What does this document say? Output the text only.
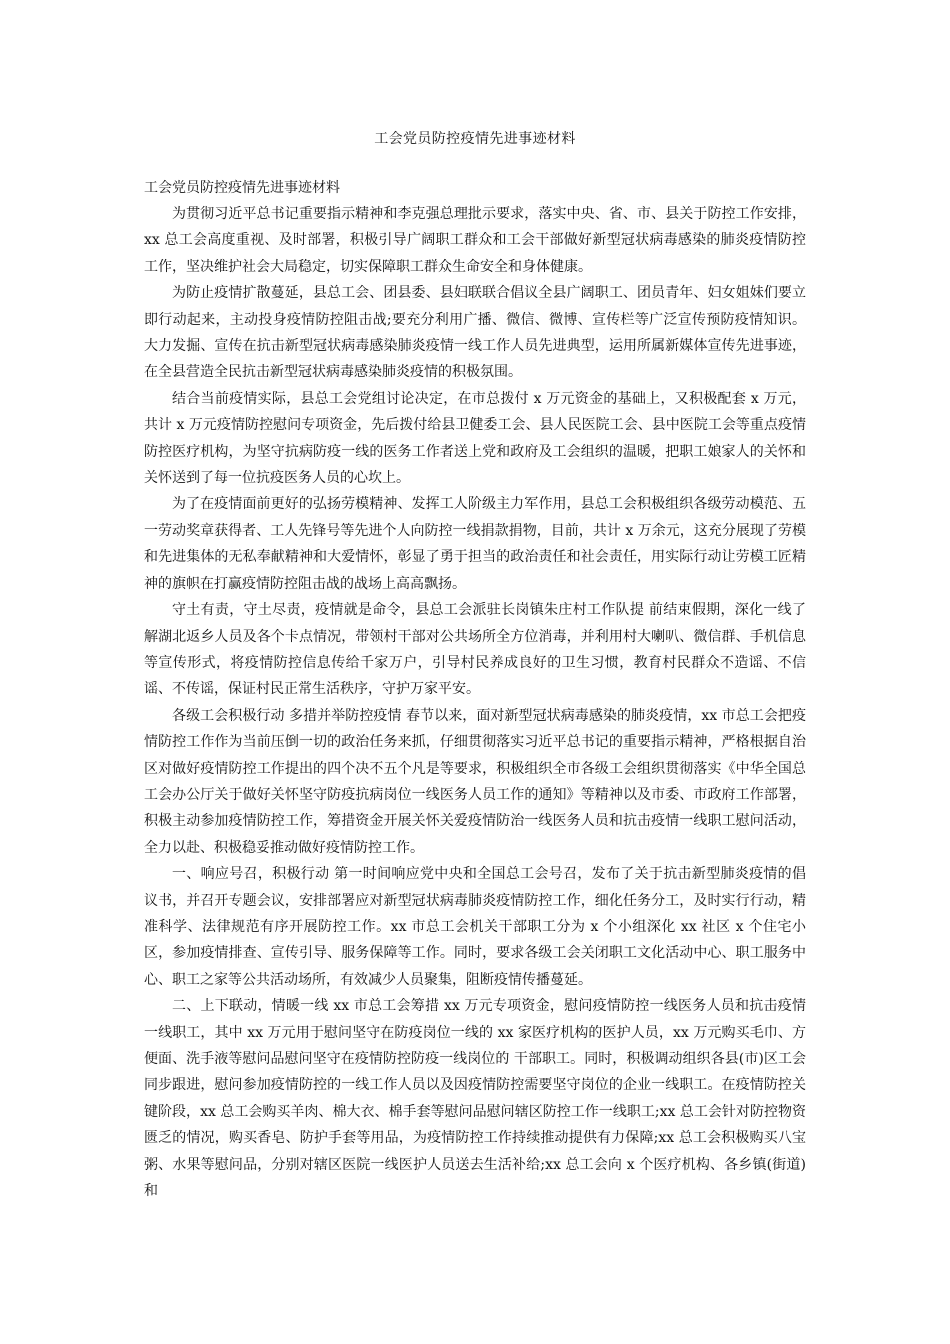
工会党员防控疫情先进事迹材料

工会党员防控疫情先进事迹材料

为贯彻习近平总书记重要指示精神和李克强总理批示要求，落实中央、省、市、县关于防控工作安排，xx 总工会高度重视、及时部署，积极引导广阔职工群众和工会干部做好新型冠状病毒感染的肺炎疫情防控工作，坚决维护社会大局稳定，切实保障职工群众生命安全和身体健康。

为防止疫情扩散蔓延，县总工会、团县委、县妇联联合倡议全县广阔职工、团员青年、妇女姐妹们要立即行动起来，主动投身疫情防控阻击战;要充分利用广播、微信、微博、宣传栏等广泛宣传预防疫情知识。大力发掘、宣传在抗击新型冠状病毒感染肺炎疫情一线工作人员先进典型，运用所属新媒体宣传先进事迹，在全县营造全民抗击新型冠状病毒感染肺炎疫情的积极氛围。

结合当前疫情实际，县总工会党组讨论决定，在市总拨付 x 万元资金的基础上，又积极配套 x 万元，共计 x 万元疫情防控慰问专项资金，先后拨付给县卫健委工会、县人民医院工会、县中医院工会等重点疫情防控医疗机构，为坚守抗病防疫一线的医务工作者送上党和政府及工会组织的温暖，把职工娘家人的关怀和关怀送到了每一位抗疫医务人员的心坎上。

为了在疫情面前更好的弘扬劳模精神、发挥工人阶级主力军作用，县总工会积极组织各级劳动模范、五一劳动奖章获得者、工人先锋号等先进个人向防控一线捐款捐物，目前，共计 x 万余元，这充分展现了劳模和先进集体的无私奉献精神和大爱情怀，彰显了勇于担当的政治责任和社会责任，用实际行动让劳模工匠精神的旗帜在打赢疫情防控阻击战的战场上高高飘扬。

守土有责，守土尽责，疫情就是命令，县总工会派驻长岗镇朱庄村工作队提 前结束假期，深化一线了解湖北返乡人员及各个卡点情况，带领村干部对公共场所全方位消毒，并利用村大喇叭、微信群、手机信息等宣传形式，将疫情防控信息传给千家万户，引导村民养成良好的卫生习惯，教育村民群众不造谣、不信谣、不传谣，保证村民正常生活秩序，守护万家平安。

各级工会积极行动 多措并举防控疫情 春节以来，面对新型冠状病毒感染的肺炎疫情，xx 市总工会把疫情防控工作作为当前压倒一切的政治任务来抓，仔细贯彻落实习近平总书记的重要指示精神，严格根据自治区对做好疫情防控工作提出的四个决不五个凡是等要求，积极组织全市各级工会组织贯彻落实《中华全国总工会办公厅关于做好关怀坚守防疫抗病岗位一线医务人员工作的通知》等精神以及市委、市政府工作部署，积极主动参加疫情防控工作，筹措资金开展关怀关爱疫情防治一线医务人员和抗击疫情一线职工慰问活动，全力以赴、积极稳妥推动做好疫情防控工作。

一、响应号召，积极行动 第一时间响应党中央和全国总工会号召，发布了关于抗击新型肺炎疫情的倡议书，并召开专题会议，安排部署应对新型冠状病毒肺炎疫情防控工作，细化任务分工，及时实行行动，精准科学、法律规范有序开展防控工作。xx 市总工会机关干部职工分为 x 个小组深化 xx 社区 x 个住宅小区，参加疫情排查、宣传引导、服务保障等工作。同时，要求各级工会关闭职工文化活动中心、职工服务中心、职工之家等公共活动场所，有效减少人员聚集，阻断疫情传播蔓延。

二、上下联动，情暖一线 xx 市总工会筹措 xx 万元专项资金，慰问疫情防控一线医务人员和抗击疫情一线职工，其中 xx 万元用于慰问坚守在防疫岗位一线的 xx 家医疗机构的医护人员，xx 万元购买毛巾、方便面、洗手液等慰问品慰问坚守在疫情防控防疫一线岗位的 干部职工。同时，积极调动组织各县(市)区工会同步跟进，慰问参加疫情防控的一线工作人员以及因疫情防控需要坚守岗位的企业一线职工。在疫情防控关键阶段，xx 总工会购买羊肉、棉大衣、棉手套等慰问品慰问辖区防控工作一线职工;xx 总工会针对防控物资匮乏的情况，购买香皂、防护手套等用品，为疫情防控工作持续推动提供有力保障;xx 总工会积极购买八宝粥、水果等慰问品，分别对辖区医院一线医护人员送去生活补给;xx 总工会向 x 个医疗机构、各乡镇(街道)和
